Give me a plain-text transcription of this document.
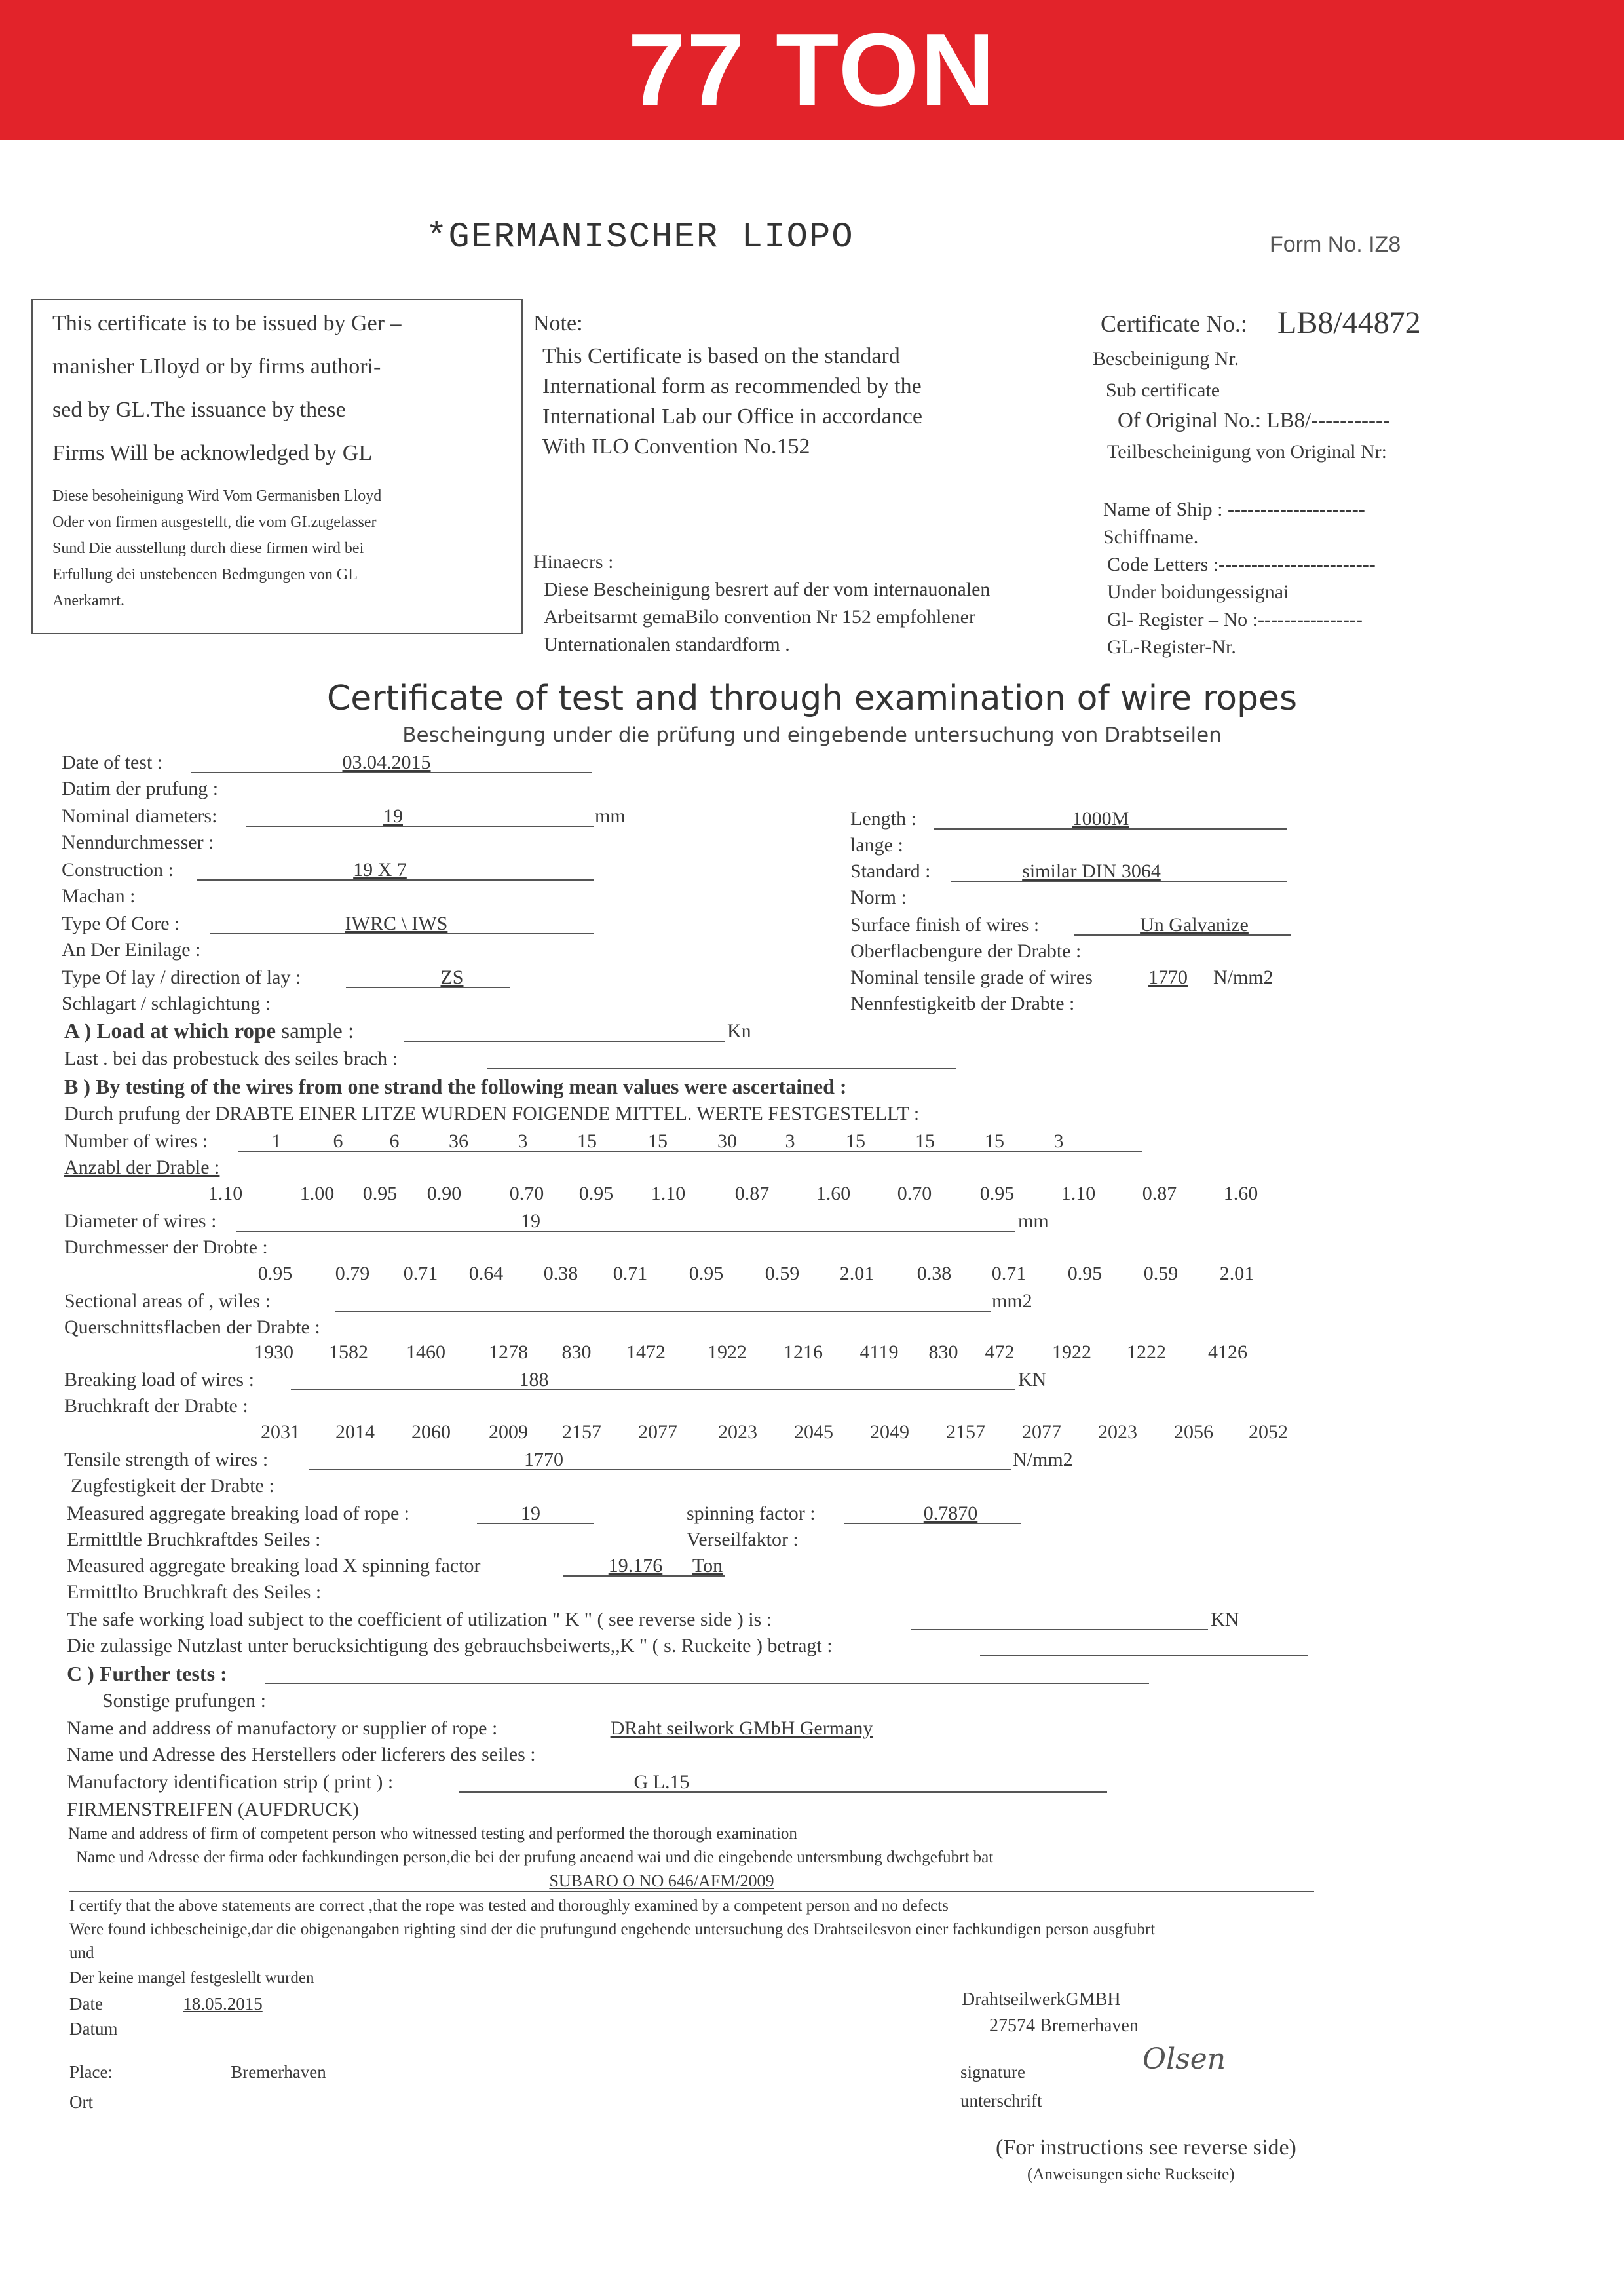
77 TON
*GERMANISCHER LIOPO	Form No. IZ8
This certificate is to be issued by Ger –
manisher LIloyd or by firms authori-
sed by GL.The issuance by these
Firms Will be acknowledged by GL
Diese besoheinigung Wird Vom Germanisben Lloyd
Oder von firmen ausgestellt, die vom GI.zugelasser
Sund Die ausstellung durch diese firmen wird bei
Erfullung dei unstebencen Bedmgungen von GL
Anerkamrt.
Note:
This Certificate is based on the standard
International form as recommended by the
International Lab our Office in accordance
With ILO Convention No.152
Hinaecrs :
Diese Bescheinigung besrert auf der vom internauonalen
Arbeitsarmt gemaBilo convention Nr 152 empfohlener
Unternationalen standardform .
Certificate No.: LB8/44872
Bescbeinigung Nr.
Sub certificate
Of Original No.: LB8/-----------
Teilbescheinigung von Original Nr:
Name of Ship : ---------------------
Schiffname.
Code Letters :------------------------
Under boidungessignai
Gl- Register – No :----------------
GL-Register-Nr.
Certificate of test and through examination of wire ropes
Bescheingung under die prüfung und eingebende untersuchung von Drabtseilen
Date of test :	03.04.2015
Datim der prufung :
Nominal diameters:	19	mm
Nenndurchmesser :
Construction :	19 X 7
Machan :
Type Of Core :	IWRC \ IWS
An Der Einilage :
Type Of lay / direction of lay :	ZS
Schlagart / schlagichtung :
Length :	1000M
lange :
Standard :	similar DIN 3064
Norm :
Surface finish of wires :	Un Galvanize
Oberflacbengure der Drabte :
Nominal tensile grade of wires	1770	N/mm2
Nennfestigkeitb der Drabte :
A ) Load at which rope sample :	Kn
Last . bei das probestuck des seiles brach :
B ) By testing of the wires from one strand the following mean values were ascertained :
Durch prufung der DRABTE EINER LITZE WURDEN FOIGENDE MITTEL. WERTE FESTGESTELLT :
Number of wires :	1	6 6	36	3	15	15	30 3	15	15	15	3
Anzabl der Drable :
1.10	1.00 0.95 0.90 0.70 0.95 1.10	0.87 1.60 0.70 0.95 1.10 0.87 1.60
Diameter of wires :	19	mm
Durchmesser der Drobte :
0.95 0.79 0.71 0.64 0.38 0.71 0.95 0.59 2.01 0.38 0.71 0.95 0.59 2.01
Sectional areas of , wiles :	mm2
Querschnittsflacben der Drabte :
1930 1582 1460 1278 830 1472 1922 1216 4119 830 472 1922 1222 4126
Breaking load of wires :	188	KN
Bruchkraft der Drabte :
2031 2014 2060 2009 2157 2077 2023 2045 2049 2157 2077 2023 2056 2052
Tensile strength of wires :	1770	N/mm2
Zugfestigkeit der Drabte :
Measured aggregate breaking load of rope :	19	spinning factor :	0.7870
Ermittltle Bruchkraftdes Seiles :	Verseilfaktor :
Measured aggregate breaking load X spinning factor	19.176	Ton
Ermittlto Bruchkraft des Seiles :
The safe working load subject to the coefficient of utilization " K " ( see reverse side ) is :	KN
Die zulassige Nutzlast unter berucksichtigung des gebrauchsbeiwerts,,K " ( s. Ruckeite ) betragt :
C ) Further tests :
Sonstige prufungen :
Name and address of manufactory or supplier of rope :	DRaht seilwork GMbH Germany
Name und Adresse des Herstellers oder licferers des seiles :
Manufactory identification strip ( print ) :	G L.15
FIRMENSTREIFEN (AUFDRUCK)
Name and address of firm of competent person who witnessed testing and performed the thorough examination
Name und Adresse der firma oder fachkundingen person,die bei der prufung aneaend wai und die eingebende untersmbung dwchgefubrt bat
SUBARO O NO 646/AFM/2009
I certify that the above statements are correct ,that the rope was tested and thoroughly examined by a competent person and no defects
Were found ichbescheinige,dar die obigenangaben righting sind der die prufungund engehende untersuchung des Drahtseilesvon einer fachkundigen person ausgfubrt
und
Der keine mangel festgeslellt wurden
Date	18.05.2015
Datum
Place:	Bremerhaven
Ort
DrahtseilwerkGMBH
27574 Bremerhaven
signature	Olsen
unterschrift
(For instructions see reverse side)
(Anweisungen siehe Ruckseite)
